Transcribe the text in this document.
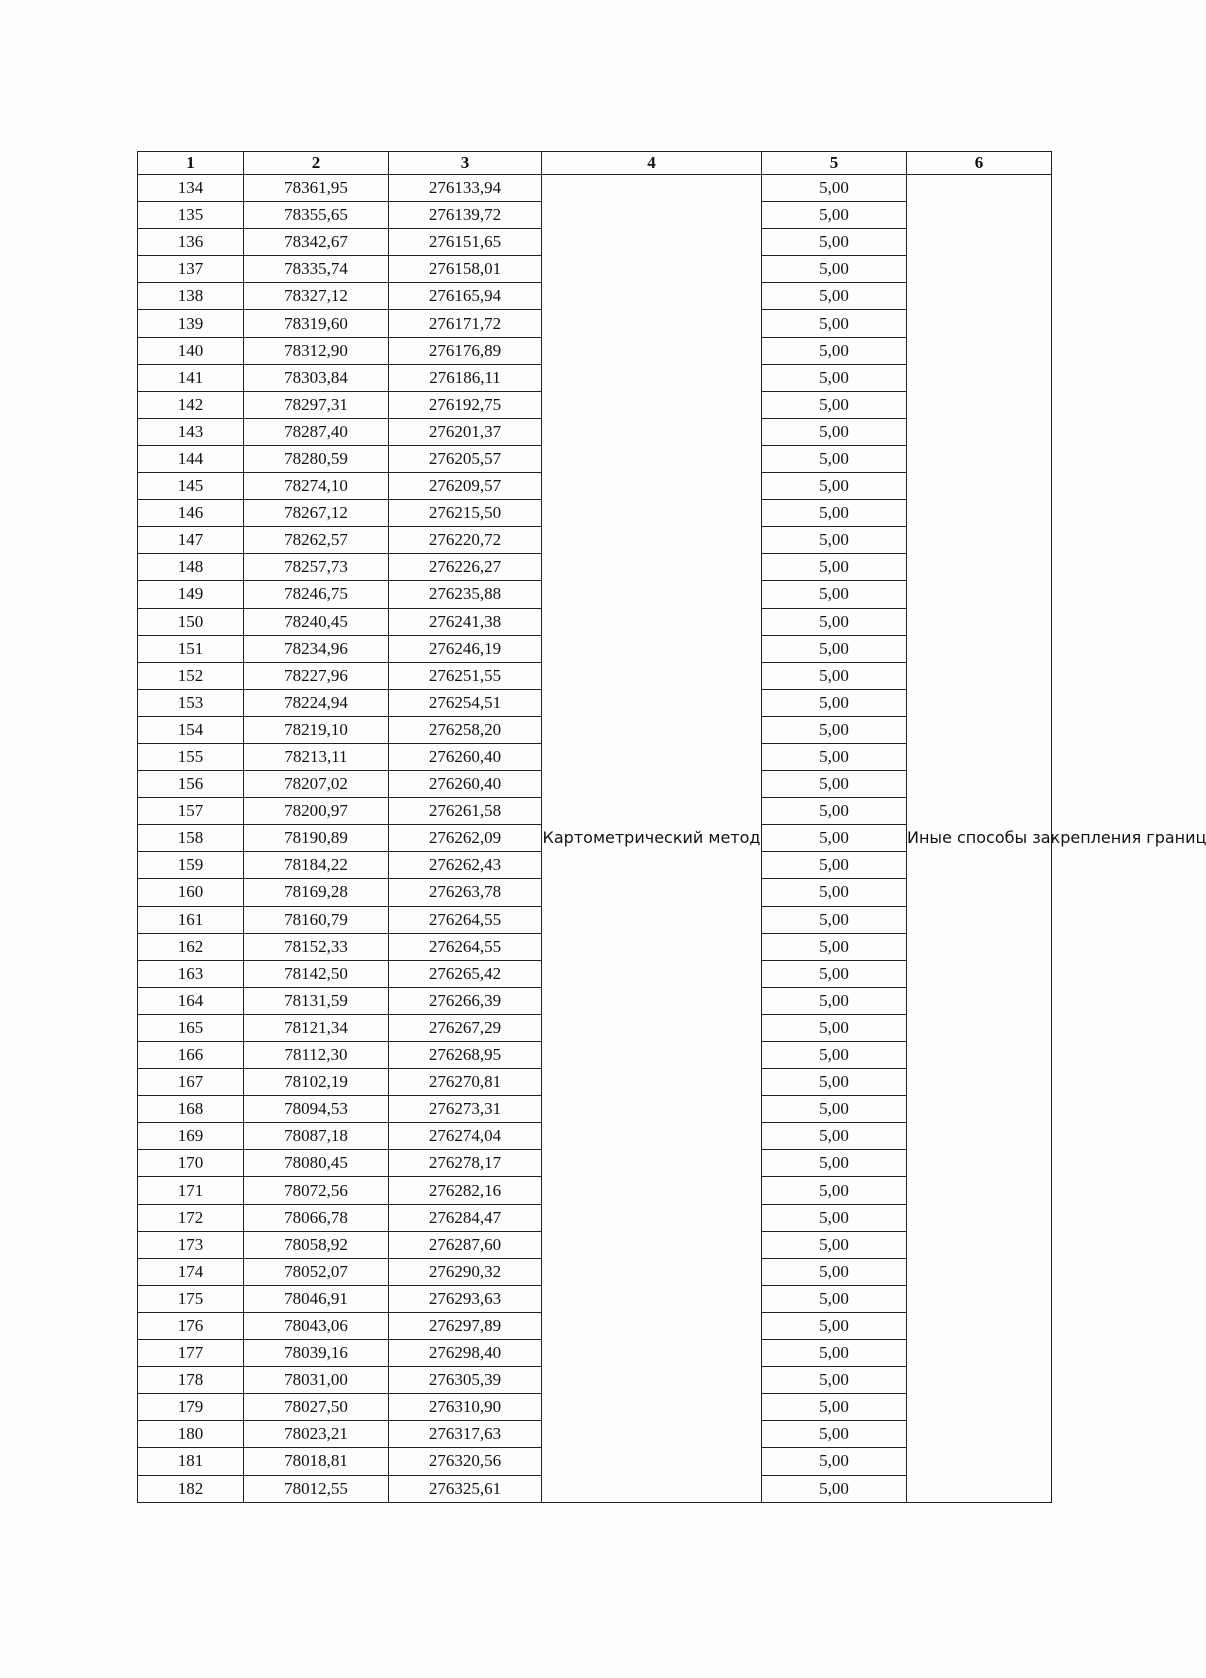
1	2	3	4	5	6
134	78361,95	276133,94	Картометрический метод	5,00	Иные способы закрепления границ
135	78355,65	276139,72		5,00	
136	78342,67	276151,65		5,00	
137	78335,74	276158,01		5,00	
138	78327,12	276165,94		5,00	
139	78319,60	276171,72		5,00	
140	78312,90	276176,89		5,00	
141	78303,84	276186,11		5,00	
142	78297,31	276192,75		5,00	
143	78287,40	276201,37		5,00	
144	78280,59	276205,57		5,00	
145	78274,10	276209,57		5,00	
146	78267,12	276215,50		5,00	
147	78262,57	276220,72		5,00	
148	78257,73	276226,27		5,00	
149	78246,75	276235,88		5,00	
150	78240,45	276241,38		5,00	
151	78234,96	276246,19		5,00	
152	78227,96	276251,55		5,00	
153	78224,94	276254,51		5,00	
154	78219,10	276258,20		5,00	
155	78213,11	276260,40		5,00	
156	78207,02	276260,40		5,00	
157	78200,97	276261,58		5,00	
158	78190,89	276262,09		5,00	
159	78184,22	276262,43		5,00	
160	78169,28	276263,78		5,00	
161	78160,79	276264,55		5,00	
162	78152,33	276264,55		5,00	
163	78142,50	276265,42		5,00	
164	78131,59	276266,39		5,00	
165	78121,34	276267,29		5,00	
166	78112,30	276268,95		5,00	
167	78102,19	276270,81		5,00	
168	78094,53	276273,31		5,00	
169	78087,18	276274,04		5,00	
170	78080,45	276278,17		5,00	
171	78072,56	276282,16		5,00	
172	78066,78	276284,47		5,00	
173	78058,92	276287,60		5,00	
174	78052,07	276290,32		5,00	
175	78046,91	276293,63		5,00	
176	78043,06	276297,89		5,00	
177	78039,16	276298,40		5,00	
178	78031,00	276305,39		5,00	
179	78027,50	276310,90		5,00	
180	78023,21	276317,63		5,00	
181	78018,81	276320,56		5,00	
182	78012,55	276325,61		5,00	
